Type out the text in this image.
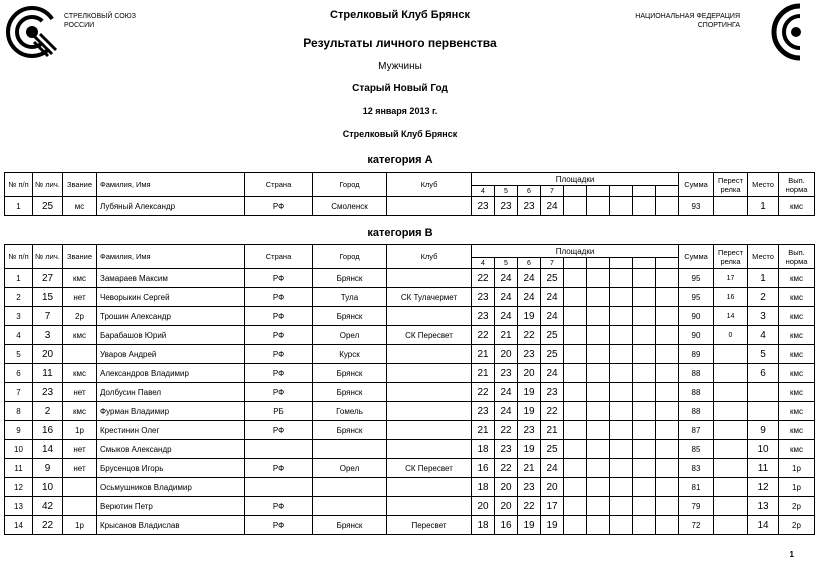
СТРЕЛКОВЫЙ СОЮЗ
РОССИИ
НАЦИОНАЛЬНАЯ ФЕДЕРАЦИЯ
СПОРТИНГА
Стрелковый Клуб Брянск
Результаты личного первенства
Мужчины
Старый Новый Год
12 января 2013 г.
Стрелковый Клуб Брянск
категория А
№ п/п	№ лич.	Звание	Фамилия, Имя	Страна	Город	Клуб	Площадки									Сумма	Перест релка	Место	Вып. норма
							4	5	6	7									
1	25	мс	Лубяный Александр	РФ	Смоленск		23	23	23	24						93		1	кмс
категория В
№ п/п	№ лич.	Звание	Фамилия, Имя	Страна	Город	Клуб	Площадки									Сумма	Перест релка	Место	Вып. норма
							4	5	6	7									
1	27	кмс	Замараев Максим	РФ	Брянск		22	24	24	25						95	17	1	кмс
2	15	нет	Чеворыкин Сергей	РФ	Тула	СК Тулачермет	23	24	24	24						95	16	2	кмс
3	7	2р	Трошин Александр	РФ	Брянск		23	24	19	24						90	14	3	кмс
4	3	кмс	Барабашов Юрий	РФ	Орел	СК Пересвет	22	21	22	25						90	0	4	кмс
5	20		Уваров Андрей	РФ	Курск		21	20	23	25						89		5	кмс
6	11	кмс	Александров Владимир	РФ	Брянск		21	23	20	24						88		6	кмс
7	23	нет	Долбусин Павел	РФ	Брянск		22	24	19	23						88			кмс
8	2	кмс	Фурман Владимир	РБ	Гомель		23	24	19	22						88			кмс
9	16	1р	Крестинин Олег	РФ	Брянск		21	22	23	21						87		9	кмс
10	14	нет	Смыков Александр				18	23	19	25						85		10	кмс
11	9	нет	Брусенцов Игорь	РФ	Орел	СК Пересвет	16	22	21	24						83		11	1р
12	10		Осьмушников Владимир				18	20	23	20						81		12	1р
13	42		Верютин Петр	РФ			20	20	22	17						79		13	2р
14	22	1р	Крысанов Владислав	РФ	Брянск	Пересвет	18	16	19	19						72		14	2р
1
